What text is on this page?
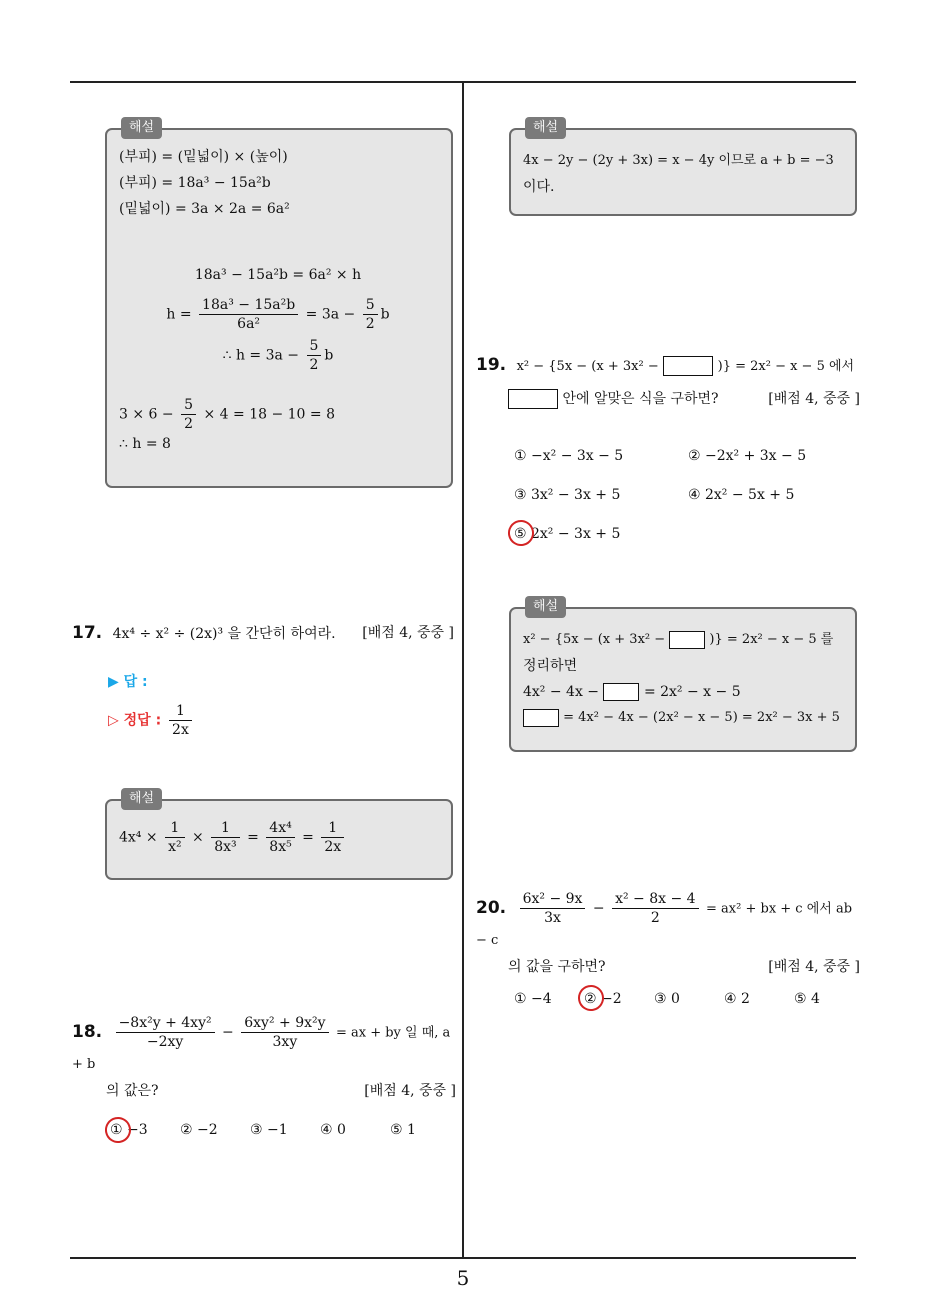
해설
(부피) = (밑넓이) × (높이)
(부피) = 18a³ − 15a²b
(밑넓이) = 3a × 2a = 6a²
18a³ − 15a²b = 6a² × h
$h = \frac{\text{18a³ − 15a²b}}{\text{6a²}} = 3a - \frac{5}{2}$ b
∴ $h = 3a - \frac{5}{2}$ b
$3 \times 6 - \frac{5}{2} \times 4 = 18 - 10 = 8$
∴ h = 8
17. 4x⁴ ÷ x² ÷ (2x)³ 을 간단히 하여라. [배점 4, 중중 ]
▶ 답 :
▷ 정답 : $\frac{1}{2x}$
해설
$4x^4 \times \frac{1}{\text{x²}} \times \frac{1}{\text{8x³}} = \frac{\text{4x⁴}}{\text{8x⁵}} = \frac{1}{2x}$
18. $\frac{\text{−8x²y + 4xy²}}{-2xy} - \frac{\text{6xy² + 9x²y}}{3xy}$ = ax + by 일 때, a + b
의 값은?	[배점 4, 중중 ]
① −3 ② −2 ③ −1 ④ 0	⑤ 1
해설
4x − 2y − (2y + 3x) = x − 4y 이므로 a + b = −3
이다.
19. x² − {5x − (x + 3x² −	)} = 2x² − x − 5 에서
안에 알맞은 식을 구하면?	[배점 4, 중중 ]
① −x² − 3x − 5	② −2x² + 3x − 5
③ 3x² − 3x + 5	④ 2x² − 5x + 5
⑤ 2x² − 3x + 5
해설
x² − {5x − (x + 3x² −	)} = 2x² − x − 5 를
정리하면
4x² − 4x −	= 2x² − x − 5
= 4x² − 4x − (2x² − x − 5) = 2x² − 3x + 5
20. $\frac{\text{6x² − 9x}}{3x} - \frac{\text{x² − 8x − 4}}{2} = ax^2$ + bx + c 에서 ab − c
의 값을 구하면?	[배점 4, 중중 ]
① −4 ② −2 ③ 0	④ 2	⑤ 4
5
